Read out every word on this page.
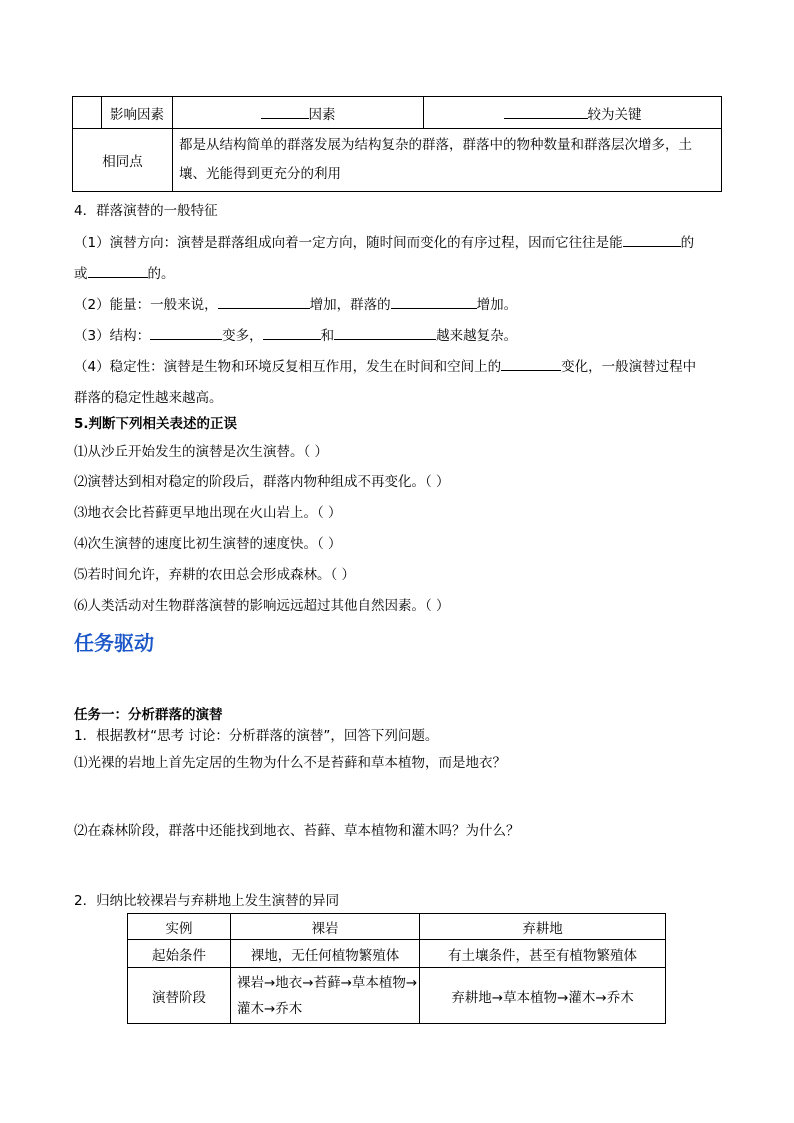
	影响因素	因素	较为关键
相同点		都是从结构简单的群落发展为结构复杂的群落，群落中的物种数量和群落层次增多，土
壤、光能得到更充分的利用	
4．群落演替的一般特征
（1）演替方向：演替是群落组成向着一定方向，随时间而变化的有序过程，因而它往往是能	的
或	的。
（2）能量：一般来说，	增加，群落的	增加。
（3）结构：	变多，	和	越来越复杂。
（4）稳定性：演替是生物和环境反复相互作用，发生在时间和空间上的	变化，一般演替过程中
群落的稳定性越来越高。
5.判断下列相关表述的正误
⑴从沙丘开始发生的演替是次生演替。（ ）
⑵演替达到相对稳定的阶段后，群落内物种组成不再变化。（ ）
⑶地衣会比苔藓更早地出现在火山岩上。（ ）
⑷次生演替的速度比初生演替的速度快。（ ）
⑸若时间允许，弃耕的农田总会形成森林。（ ）
⑹人类活动对生物群落演替的影响远远超过其他自然因素。（ ）
任务驱动
任务一：分析群落的演替
1．根据教材“思考 讨论：分析群落的演替”，回答下列问题。
⑴光裸的岩地上首先定居的生物为什么不是苔藓和草本植物，而是地衣？
⑵在森林阶段，群落中还能找到地衣、苔藓、草本植物和灌木吗？为什么？
2．归纳比较裸岩与弃耕地上发生演替的异同
实例	裸岩	弃耕地
起始条件	裸地，无任何植物繁殖体	有土壤条件，甚至有植物繁殖体
演替阶段	裸岩→地衣→苔藓→草本植物→
灌木→乔木	弃耕地→草本植物→灌木→乔木
